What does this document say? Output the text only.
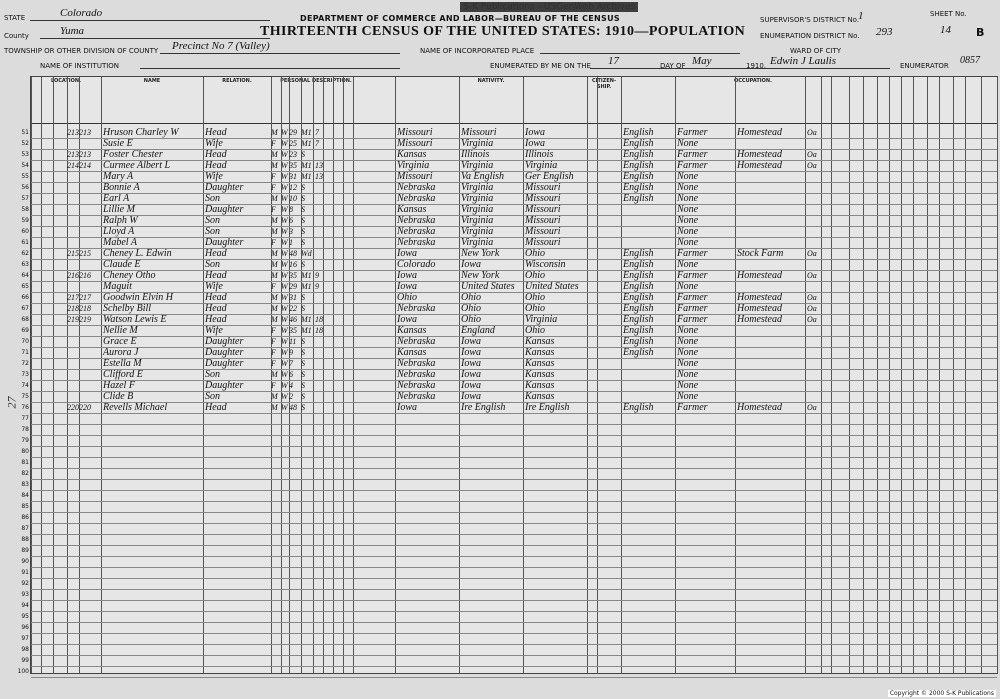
S-K Publications - USGenWeb Archives
DEPARTMENT OF COMMERCE AND LABOR—BUREAU OF THE CENSUS
THIRTEENTH CENSUS OF THE UNITED STATES: 1910—POPULATION
STATE	Colorado
County	Yuma
TOWNSHIP OR OTHER DIVISION OF COUNTY Precinct No 7 (Valley)
NAME OF INSTITUTION
NAME OF INCORPORATED PLACE
ENUMERATED BY ME ON THE 17	DAY OF May	1910. Edwin J Laulis	ENUMERATOR
SUPERVISOR'S DISTRICT No.
1
ENUMERATION DISTRICT No. 293
SHEET No.
14 B
WARD OF CITY
0857
LOCATION.	NAME	RELATION.	PERSONAL DESCRIPTION.	NATIVITY.	CITIZEN-SHIP.
OCCUPATION.
51	213 213	Hruson Charley W	Head	M W 29 M1 7	Missouri	Missouri	Iowa	English	Farmer	Homestead	Oa
52	Susie E	Wife	F W 25 M1 7	Missouri	Virginia	Iowa	English	None
53	213 213	Foster Chester	Head	M W 23 S	Kansas	Illinois	Illinois	English	Farmer	Homestead	Oa
54	214 214	Curmee Albert L	Head	M W 35 M1 13	Virginia	Virginia	Virginia	English	Farmer	Homestead	Oa
55	Mary A	Wife	F W 31 M1 13	Missouri	Va English	Ger English	English	None
56	Bonnie A	Daughter	F W 12 S	Nebraska	Virginia	Missouri	English	None
57	Earl A	Son	M W 10 S	Nebraska	Virginia	Missouri	English	None
58	Lillie M	Daughter	F W 8	S	Kansas	Virginia	Missouri	None
59	Ralph W	Son	M W 6	S	Nebraska	Virginia	Missouri	None
60	Lloyd A	Son	M W 3	S	Nebraska	Virginia	Missouri	None
61	Mabel A	Daughter	F W 1	S	Nebraska	Virginia	Missouri	None
62	215 215	Cheney L. Edwin	Head	M W 48 Wd	Iowa	New York	Ohio	English	Farmer	Stock Farm	Oa
63	Claude E	Son	M W 16 S	Colorado	Iowa	Wisconsin	English	None
64	216 216	Cheney Otho	Head	M W 35 M1 9	Iowa	New York	Ohio	English	Farmer	Homestead	Oa
65	Maguit	Wife	F W 29 M1 9	Iowa	United States	United States	English	None
66	217 217	Goodwin Elvin H	Head	M W 31 S	Ohio	Ohio	Ohio	English	Farmer	Homestead	Oa
67	218 218	Schelby Bill	Head	M W 22 S	Nebraska	Ohio	Ohio	English	Farmer	Homestead	Oa
68	219 219	Watson Lewis E	Head	M W 46 M1 18	Iowa	Ohio	Virginia	English	Farmer	Homestead	Oa
69	Nellie M	Wife	F W 35 M1 18	Kansas	England	Ohio	English	None
70	Grace E	Daughter	F W 11 S	Nebraska	Iowa	Kansas	English	None
71	Aurora J	Daughter	F W 9	S	Kansas	Iowa	Kansas	English	None
72	Estella M	Daughter	F W 7	S	Nebraska	Iowa	Kansas	None
73	Clifford E	Son	M W 6	S	Nebraska	Iowa	Kansas	None
74	Hazel F	Daughter	F W 4	S	Nebraska	Iowa	Kansas	None
75	Clide B	Son	M W 2	S	Nebraska	Iowa	Kansas	None
76	220 220	Revells Michael	Head	M W 48 S	Iowa	Ire English	Ire English	English	Farmer	Homestead	Oa
77
78
79
80
81
82
83
84
85
86
87
88
89
90
91
92
93
94
95
96
97
98
99
100
27
Copyright © 2000 S-K Publications
